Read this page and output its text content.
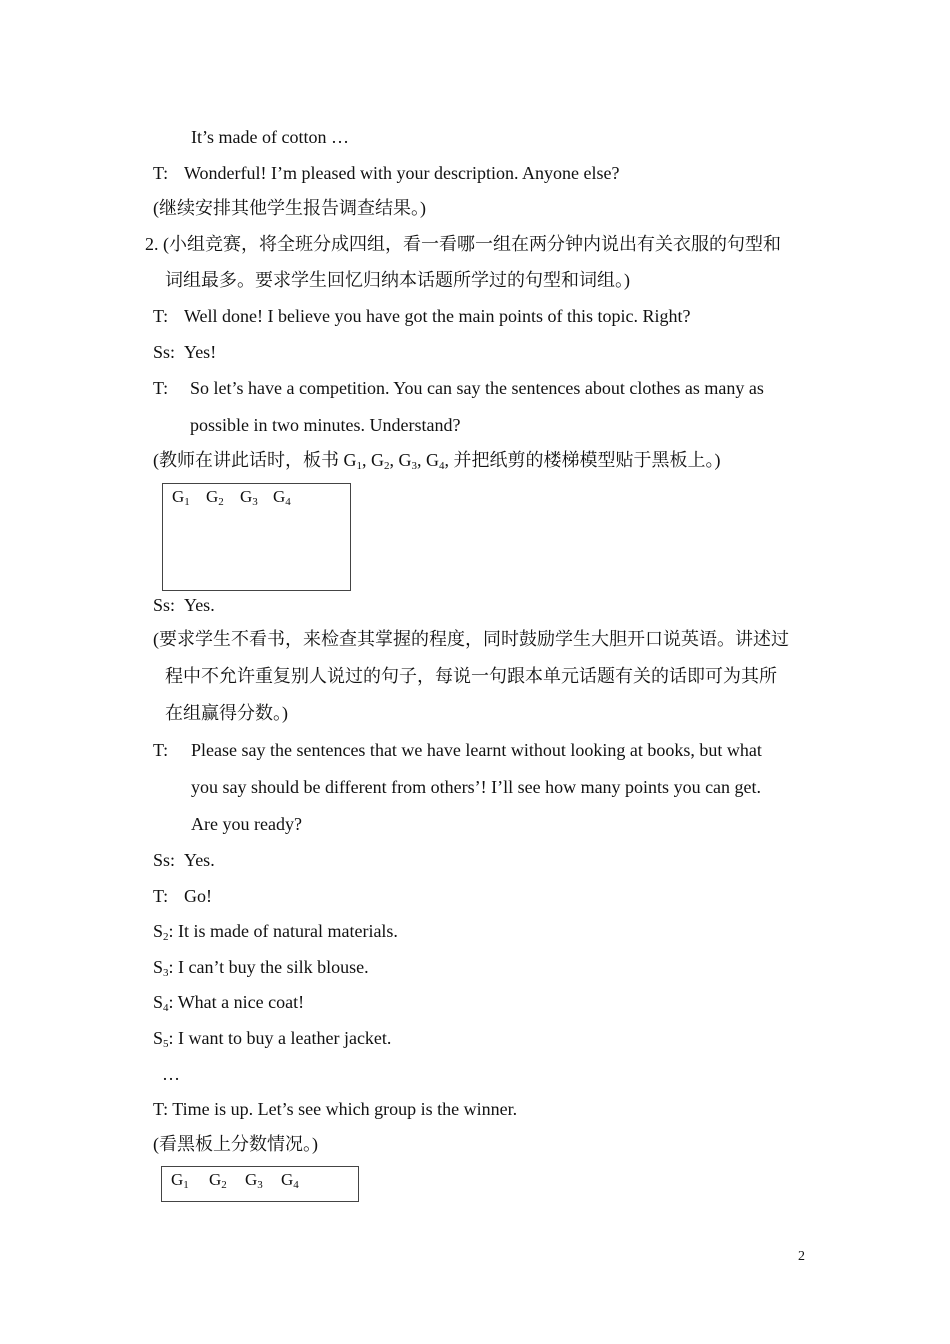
It’s made of cotton …
T: Wonderful! I’m pleased with your description. Anyone else?
(继续安排其他学生报告调查结果。)
2. (小组竞赛，将全班分成四组，看一看哪一组在两分钟内说出有关衣服的句型和
词组最多。要求学生回忆归纳本话题所学过的句型和词组。)
T: Well done! I believe you have got the main points of this topic. Right?
Ss: Yes!
T: So let’s have a competition. You can say the sentences about clothes as many as
possible in two minutes. Understand?
(教师在讲此话时，板书 $G_1$, $G_2$, $G_3$, $G_4$, 并把纸剪的楼梯模型贴于黑板上。)
$G_1$ $G_2$ $G_3$ $G_4$
Ss: Yes.
(要求学生不看书，来检查其掌握的程度，同时鼓励学生大胆开口说英语。讲述过
程中不允许重复别人说过的句子，每说一句跟本单元话题有关的话即可为其所
在组赢得分数。)
T: Please say the sentences that we have learnt without looking at books, but what
you say should be different from others’! I’ll see how many points you can get.
Are you ready?
Ss: Yes.
T: Go!
$S_2$: It is made of natural materials.
$S_3$: I can’t buy the silk blouse.
$S_4$: What a nice coat!
$S_5$: I want to buy a leather jacket.
…
T: Time is up. Let’s see which group is the winner.
(看黑板上分数情况。)
$G_1$ $G_2$ $G_3$ $G_4$
2
